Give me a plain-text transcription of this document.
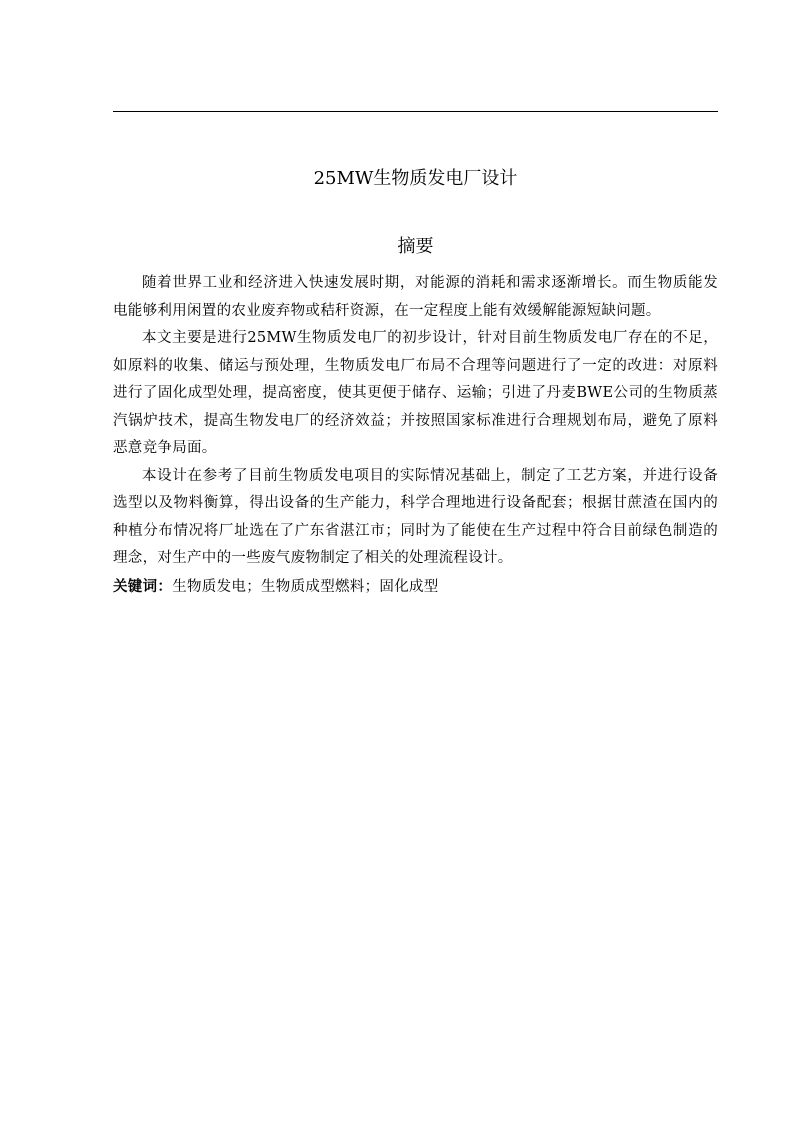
25MW生物质发电厂设计
摘要

随着世界工业和经济进入快速发展时期，对能源的消耗和需求逐渐增长。而生物质能发电能够利用闲置的农业废弃物或秸秆资源，在一定程度上能有效缓解能源短缺问题。

本文主要是进行25MW生物质发电厂的初步设计，针对目前生物质发电厂存在的不足，如原料的收集、储运与预处理，生物质发电厂布局不合理等问题进行了一定的改进：对原料进行了固化成型处理，提高密度，使其更便于储存、运输；引进了丹麦BWE公司的生物质蒸汽锅炉技术，提高生物发电厂的经济效益；并按照国家标准进行合理规划布局，避免了原料恶意竞争局面。

本设计在参考了目前生物质发电项目的实际情况基础上，制定了工艺方案，并进行设备选型以及物料衡算，得出设备的生产能力，科学合理地进行设备配套；根据甘蔗渣在国内的种植分布情况将厂址选在了广东省湛江市；同时为了能使在生产过程中符合目前绿色制造的理念，对生产中的一些废气废物制定了相关的处理流程设计。

关键词：生物质发电；生物质成型燃料；固化成型
